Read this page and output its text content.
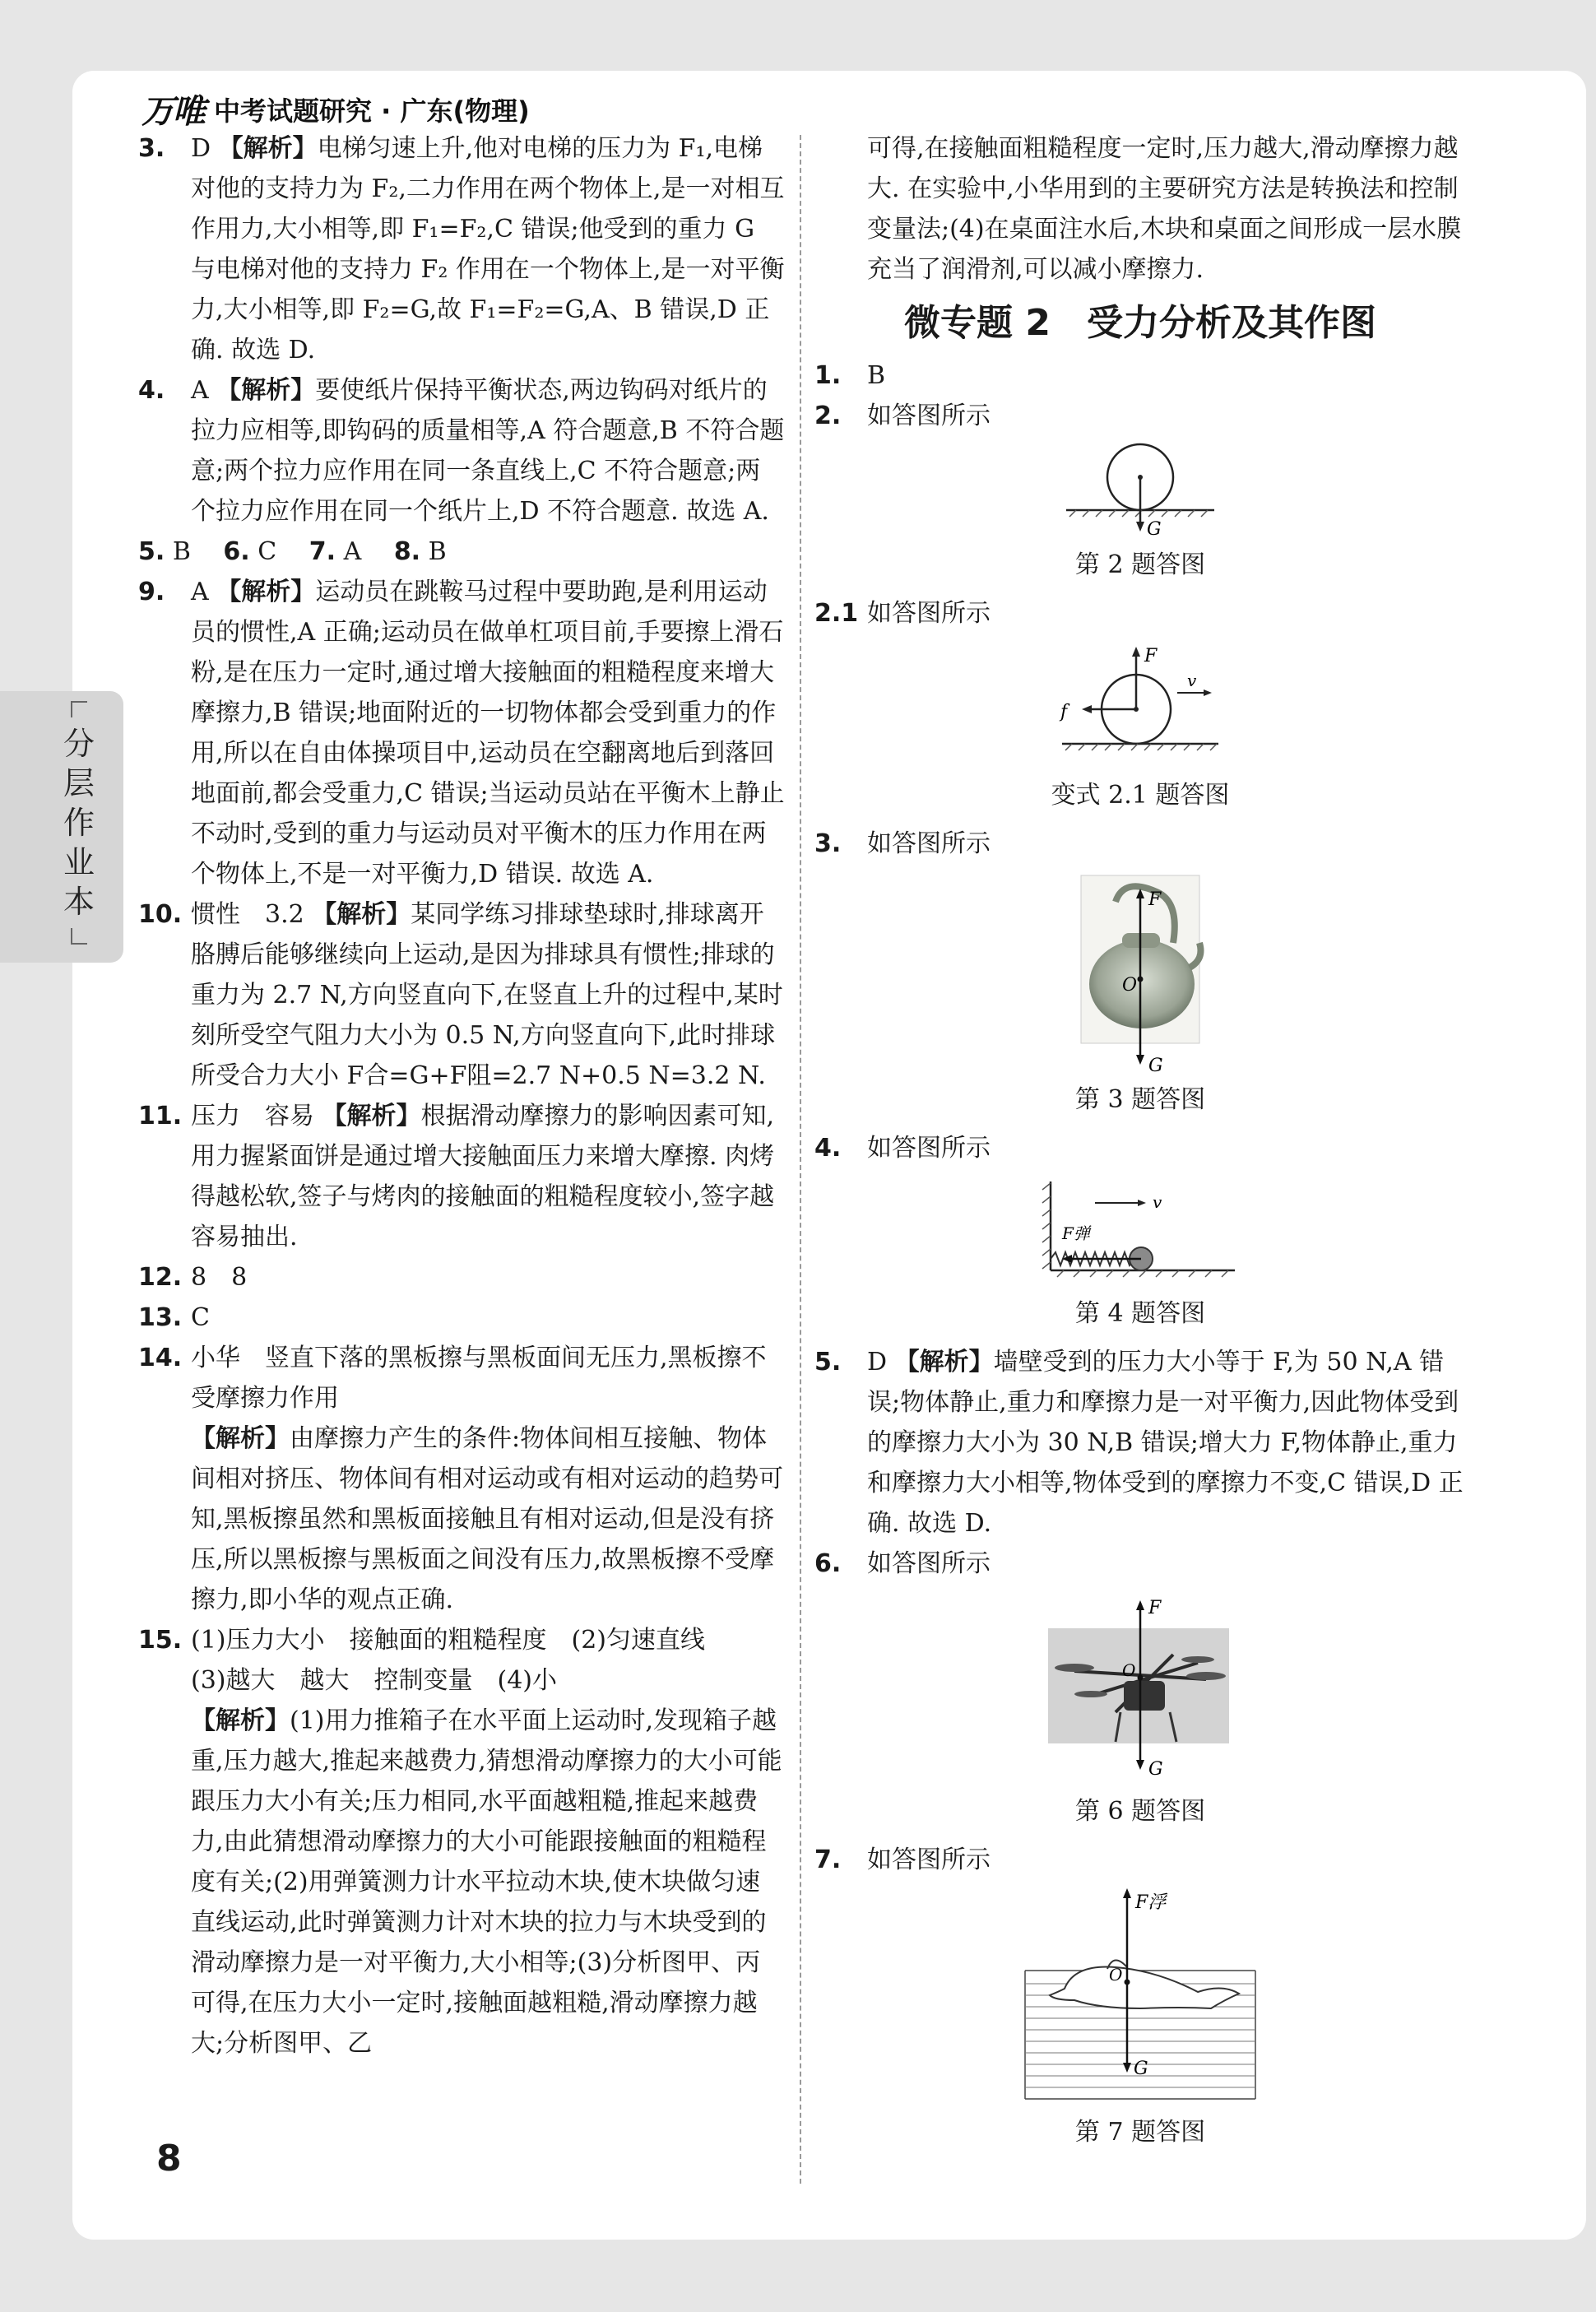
万唯 中考试题研究 · 广东(物理)
分层作业本
3. D 【解析】电梯匀速上升,他对电梯的压力为 F₁,电梯对他的支持力为 F₂,二力作用在两个物体上,是一对相互作用力,大小相等,即 F₁=F₂,C 错误;他受到的重力 G 与电梯对他的支持力 F₂ 作用在一个物体上,是一对平衡力,大小相等,即 F₂=G,故 F₁=F₂=G,A、B 错误,D 正确. 故选 D.
4. A 【解析】要使纸片保持平衡状态,两边钩码对纸片的拉力应相等,即钩码的质量相等,A 符合题意,B 不符合题意;两个拉力应作用在同一条直线上,C 不符合题意;两个拉力应作用在同一个纸片上,D 不符合题意. 故选 A.
5. B 6. C 7. A 8. B
9. A 【解析】运动员在跳鞍马过程中要助跑,是利用运动员的惯性,A 正确;运动员在做单杠项目前,手要擦上滑石粉,是在压力一定时,通过增大接触面的粗糙程度来增大摩擦力,B 错误;地面附近的一切物体都会受到重力的作用,所以在自由体操项目中,运动员在空翻离地后到落回地面前,都会受重力,C 错误;当运动员站在平衡木上静止不动时,受到的重力与运动员对平衡木的压力作用在两个物体上,不是一对平衡力,D 错误. 故选 A.
10. 惯性　3.2 【解析】某同学练习排球垫球时,排球离开胳膊后能够继续向上运动,是因为排球具有惯性;排球的重力为 2.7 N,方向竖直向下,在竖直上升的过程中,某时刻所受空气阻力大小为 0.5 N,方向竖直向下,此时排球所受合力大小 F合=G+F阻=2.7 N+0.5 N=3.2 N.
11. 压力　容易 【解析】根据滑动摩擦力的影响因素可知,用力握紧面饼是通过增大接触面压力来增大摩擦. 肉烤得越松软,签子与烤肉的接触面的粗糙程度较小,签字越容易抽出.
12. 8　8
13. C
14. 小华　竖直下落的黑板擦与黑板面间无压力,黑板擦不受摩擦力作用
【解析】由摩擦力产生的条件:物体间相互接触、物体间相对挤压、物体间有相对运动或有相对运动的趋势可知,黑板擦虽然和黑板面接触且有相对运动,但是没有挤压,所以黑板擦与黑板面之间没有压力,故黑板擦不受摩擦力,即小华的观点正确.
15. (1)压力大小　接触面的粗糙程度　(2)匀速直线
(3)越大　越大　控制变量　(4)小
【解析】(1)用力推箱子在水平面上运动时,发现箱子越重,压力越大,推起来越费力,猜想滑动摩擦力的大小可能跟压力大小有关;压力相同,水平面越粗糙,推起来越费力,由此猜想滑动摩擦力的大小可能跟接触面的粗糙程度有关;(2)用弹簧测力计水平拉动木块,使木块做匀速直线运动,此时弹簧测力计对木块的拉力与木块受到的滑动摩擦力是一对平衡力,大小相等;(3)分析图甲、丙可得,在压力大小一定时,接触面越粗糙,滑动摩擦力越大;分析图甲、乙
可得,在接触面粗糙程度一定时,压力越大,滑动摩擦力越大. 在实验中,小华用到的主要研究方法是转换法和控制变量法;(4)在桌面注水后,木块和桌面之间形成一层水膜充当了润滑剂,可以减小摩擦力.
微专题 2　受力分析及其作图
1. B
2. 如答图所示
G
第 2 题答图
2.1 如答图所示
F
f
v
变式 2.1 题答图
3. 如答图所示
F
O
G
第 3 题答图
4. 如答图所示
F弹
v
第 4 题答图
5. D 【解析】墙壁受到的压力大小等于 F,为 50 N,A 错误;物体静止,重力和摩擦力是一对平衡力,因此物体受到的摩擦力大小为 30 N,B 错误;增大力 F,物体静止,重力和摩擦力大小相等,物体受到的摩擦力不变,C 错误,D 正确. 故选 D.
6. 如答图所示
F
O
G
第 6 题答图
7. 如答图所示
F浮
O
G
第 7 题答图
8
